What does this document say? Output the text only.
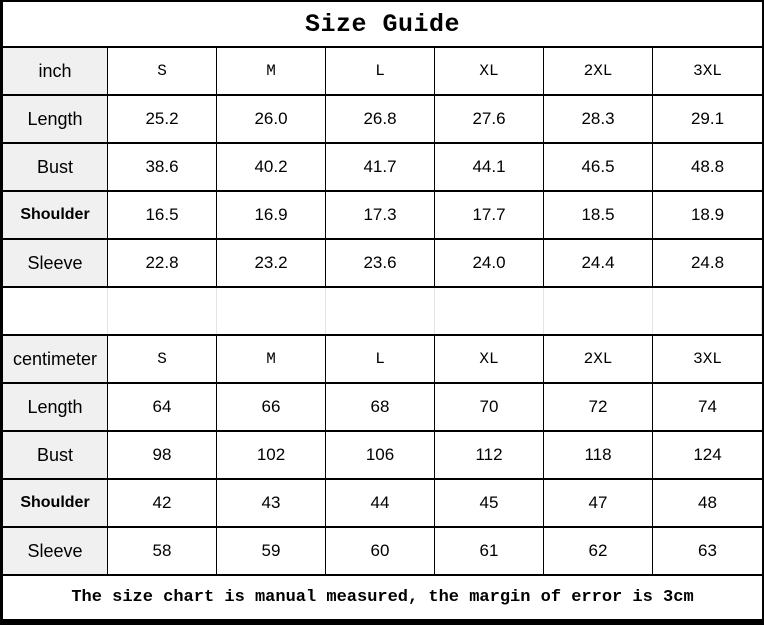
Size Guide
inch	S	M	L	XL	2XL	3XL
Length	25.2	26.0	26.8	27.6	28.3	29.1
Bust	38.6	40.2	41.7	44.1	46.5	48.8
Shoulder	16.5	16.9	17.3	17.7	18.5	18.9
Sleeve	22.8	23.2	23.6	24.0	24.4	24.8
centimeter	S	M	L	XL	2XL	3XL
Length	64	66	68	70	72	74
Bust	98	102	106	112	118	124
Shoulder	42	43	44	45	47	48
Sleeve	58	59	60	61	62	63
The size chart is manual measured, the margin of error is 3cm
